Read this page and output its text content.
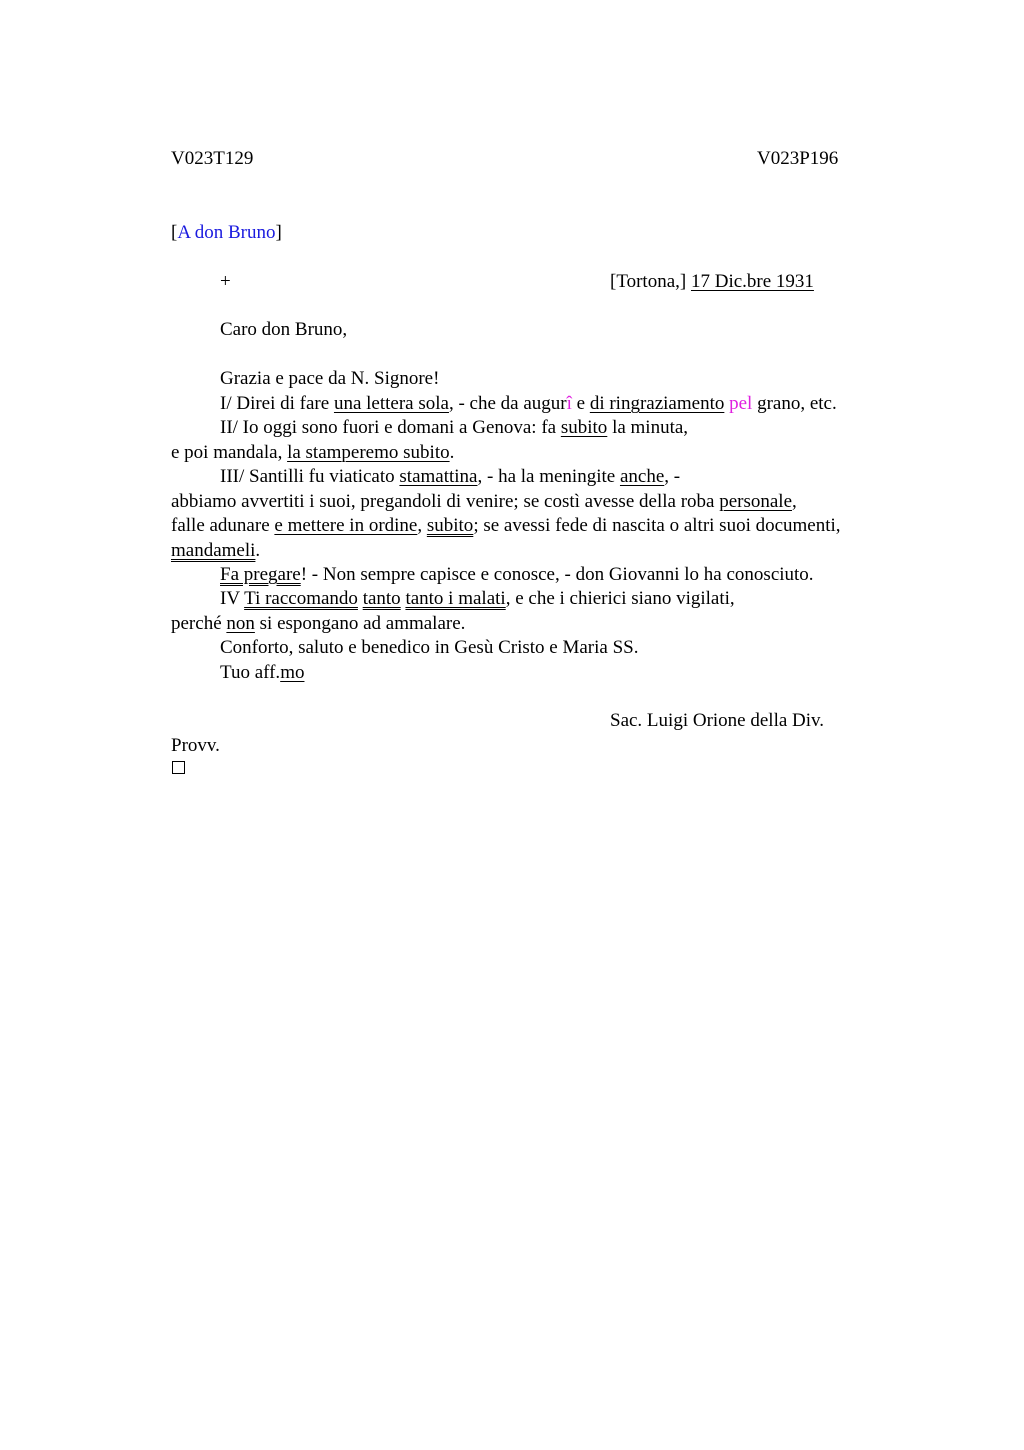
V023T129	V023P196
[A don Bruno]
+	[Tortona,] 17 Dic.bre 1931
Caro don Bruno,
Grazia e pace da N. Signore!
I/ Direi di fare una lettera sola, - che da augurî e di ringraziamento pel grano, etc.
II/ Io oggi sono fuori e domani a Genova: fa subito la minuta,
e poi mandala, la stamperemo subito.
III/ Santilli fu viaticato stamattina, - ha la meningite anche, -
abbiamo avvertiti i suoi, pregandoli di venire; se costì avesse della roba personale,
falle adunare e mettere in ordine, subito; se avessi fede di nascita o altri suoi documenti,
mandameli.
Fa pregare! - Non sempre capisce e conosce, - don Giovanni lo ha conosciuto.
IV Ti raccomando tanto tanto i malati, e che i chierici siano vigilati,
perché non si espongano ad ammalare.
Conforto, saluto e benedico in Gesù Cristo e Maria SS.
Tuo aff.mo
Sac. Luigi Orione della Div.
Provv.
